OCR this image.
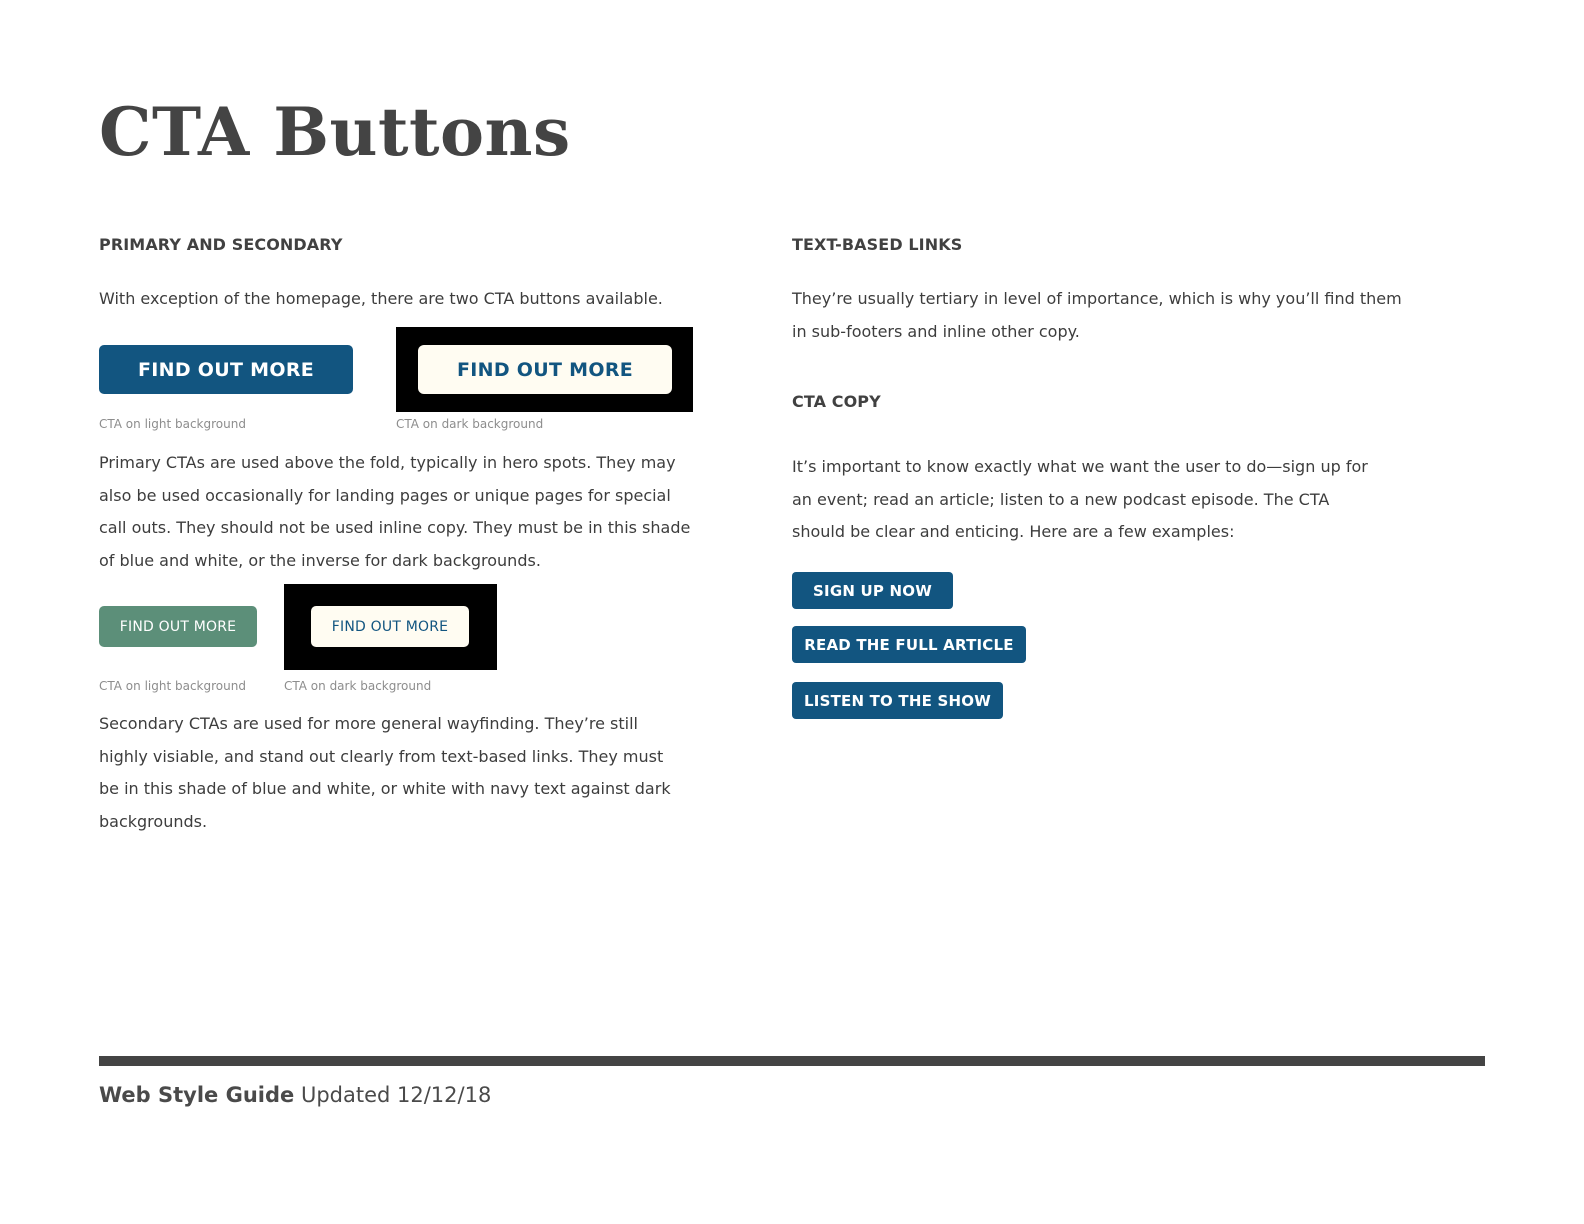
CTA Buttons
PRIMARY AND SECONDARY

With exception of the homepage, there are two CTA buttons available.

FIND OUT MORE	FIND OUT MORE

CTA on light background	CTA on dark background

Primary CTAs are used above the fold, typically in hero spots. They may also be used occasionally for landing pages or unique pages for special call outs. They should not be used inline copy. They must be in this shade of blue and white, or the inverse for dark backgrounds.

FIND OUT MORE	FIND OUT MORE

CTA on light background	CTA on dark background

Secondary CTAs are used for more general wayfinding. They’re still highly visiable, and stand out clearly from text-based links. They must be in this shade of blue and white, or white with navy text against dark backgrounds.

TEXT-BASED LINKS

They’re usually tertiary in level of importance, which is why you’ll find them in sub-footers and inline other copy.

CTA COPY

It’s important to know exactly what we want the user to do—sign up for an event; read an article; listen to a new podcast episode. The CTA should be clear and enticing. Here are a few examples:

SIGN UP NOW
READ THE FULL ARTICLE
LISTEN TO THE SHOW

Web Style Guide Updated 12/12/18
